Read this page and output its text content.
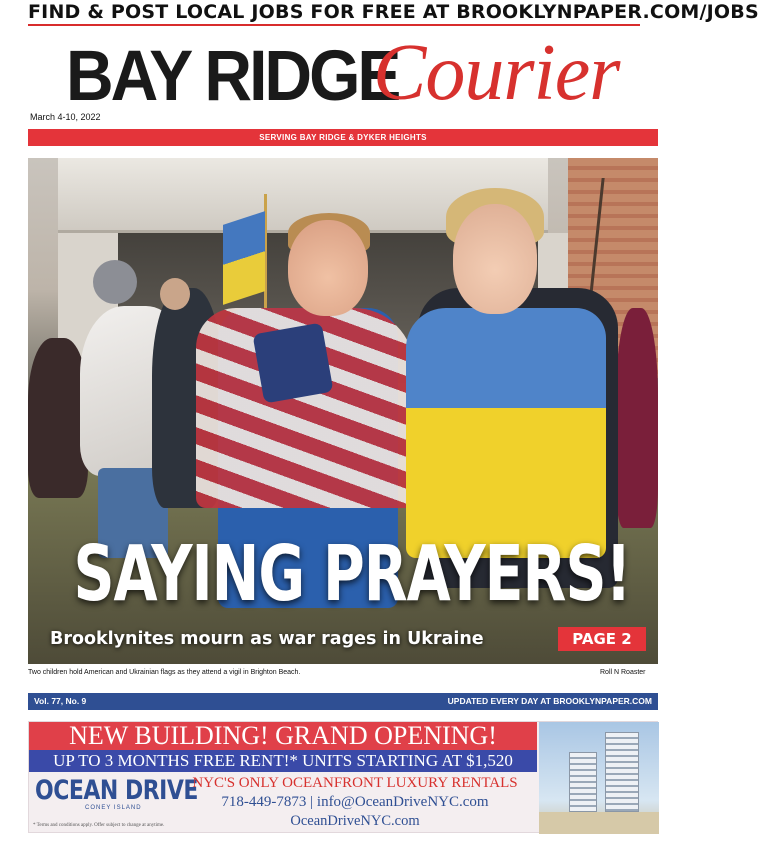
FIND & POST LOCAL JOBS FOR FREE AT BROOKLYNPAPER.COM/JOBS
BAY RIDGE
Courier
March 4-10, 2022
SERVING BAY RIDGE & DYKER HEIGHTS
SAYING PRAYERS!
Brooklynites mourn as war rages in Ukraine	PAGE 2
Two children hold American and Ukrainian flags as they attend a vigil in Brighton Beach.	Roll N Roaster
Vol. 77, No. 9	UPDATED EVERY DAY AT BROOKLYNPAPER.COM
NEW BUILDING! GRAND OPENING!
UP TO 3 MONTHS FREE RENT!* UNITS STARTING AT $1,520
OCEAN DRIVE
CONEY ISLAND
* Terms and conditions apply. Offer subject to change at anytime.
NYC'S ONLY OCEANFRONT LUXURY RENTALS
718-449-7873 | info@OceanDriveNYC.com
OceanDriveNYC.com
